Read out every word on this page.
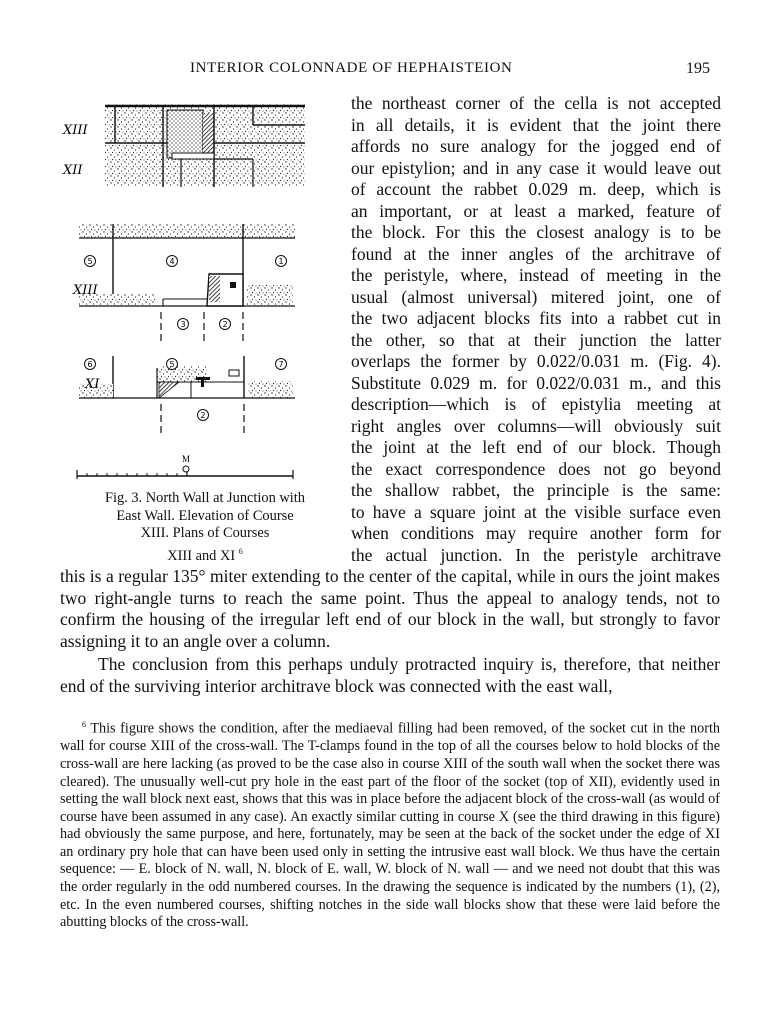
INTERIOR COLONNADE OF HEPHAISTEION	195
XIII
XII
XIII
5	4	1
3	2
XI
6	5	7
2
M
Fig. 3. North Wall at Junction with
East Wall. Elevation of Course
XIII. Plans of Courses
XIII and XI $^6$
the northeast corner of the cella is not accepted
in all details, it is evident that the joint there
affords no sure analogy for the jogged end of
our epistylion; and in any case it would leave out
of account the rabbet 0.029 m. deep, which is
an important, or at least a marked, feature of
the block. For this the closest analogy is to be
found at the inner angles of the architrave of
the peristyle, where, instead of meeting in the
usual (almost universal) mitered joint, one of
the two adjacent blocks fits into a rabbet cut in
the other, so that at their junction the latter
overlaps the former by 0.022/0.031 m. (Fig. 4).
Substitute 0.029 m. for 0.022/0.031 m., and this
description—which is of epistylia meeting at
right angles over columns—will obviously suit
the joint at the left end of our block. Though
the exact correspondence does not go beyond
the shallow rabbet, the principle is the same:
to have a square joint at the visible surface even
when conditions may require another form for
the actual junction. In the peristyle architrave

this is a regular 135° miter extending to the center of the capital, while in ours the joint makes two right-angle turns to reach the same point. Thus the appeal to analogy tends, not to confirm the housing of the irregular left end of our block in the wall, but strongly to favor assigning it to an angle over a column.

The conclusion from this perhaps unduly protracted inquiry is, therefore, that neither end of the surviving interior architrave block was connected with the east wall,

$^6$ This figure shows the condition, after the mediaeval filling had been removed, of the socket cut in the north wall for course XIII of the cross-wall. The T-clamps found in the top of all the courses below to hold blocks of the cross-wall are here lacking (as proved to be the case also in course XIII of the south wall when the socket there was cleared). The unusually well-cut pry hole in the east part of the floor of the socket (top of XII), evidently used in setting the wall block next east, shows that this was in place before the adjacent block of the cross-wall (as would of course have been assumed in any case). An exactly similar cutting in course X (see the third drawing in this figure) had obviously the same purpose, and here, fortunately, may be seen at the back of the socket under the edge of XI an ordinary pry hole that can have been used only in setting the intrusive east wall block. We thus have the certain sequence: — E. block of N. wall, N. block of E. wall, W. block of N. wall — and we need not doubt that this was the order regularly in the odd numbered courses. In the drawing the sequence is indicated by the numbers (1), (2), etc. In the even numbered courses, shifting notches in the side wall blocks show that these were laid before the abutting blocks of the cross-wall.
